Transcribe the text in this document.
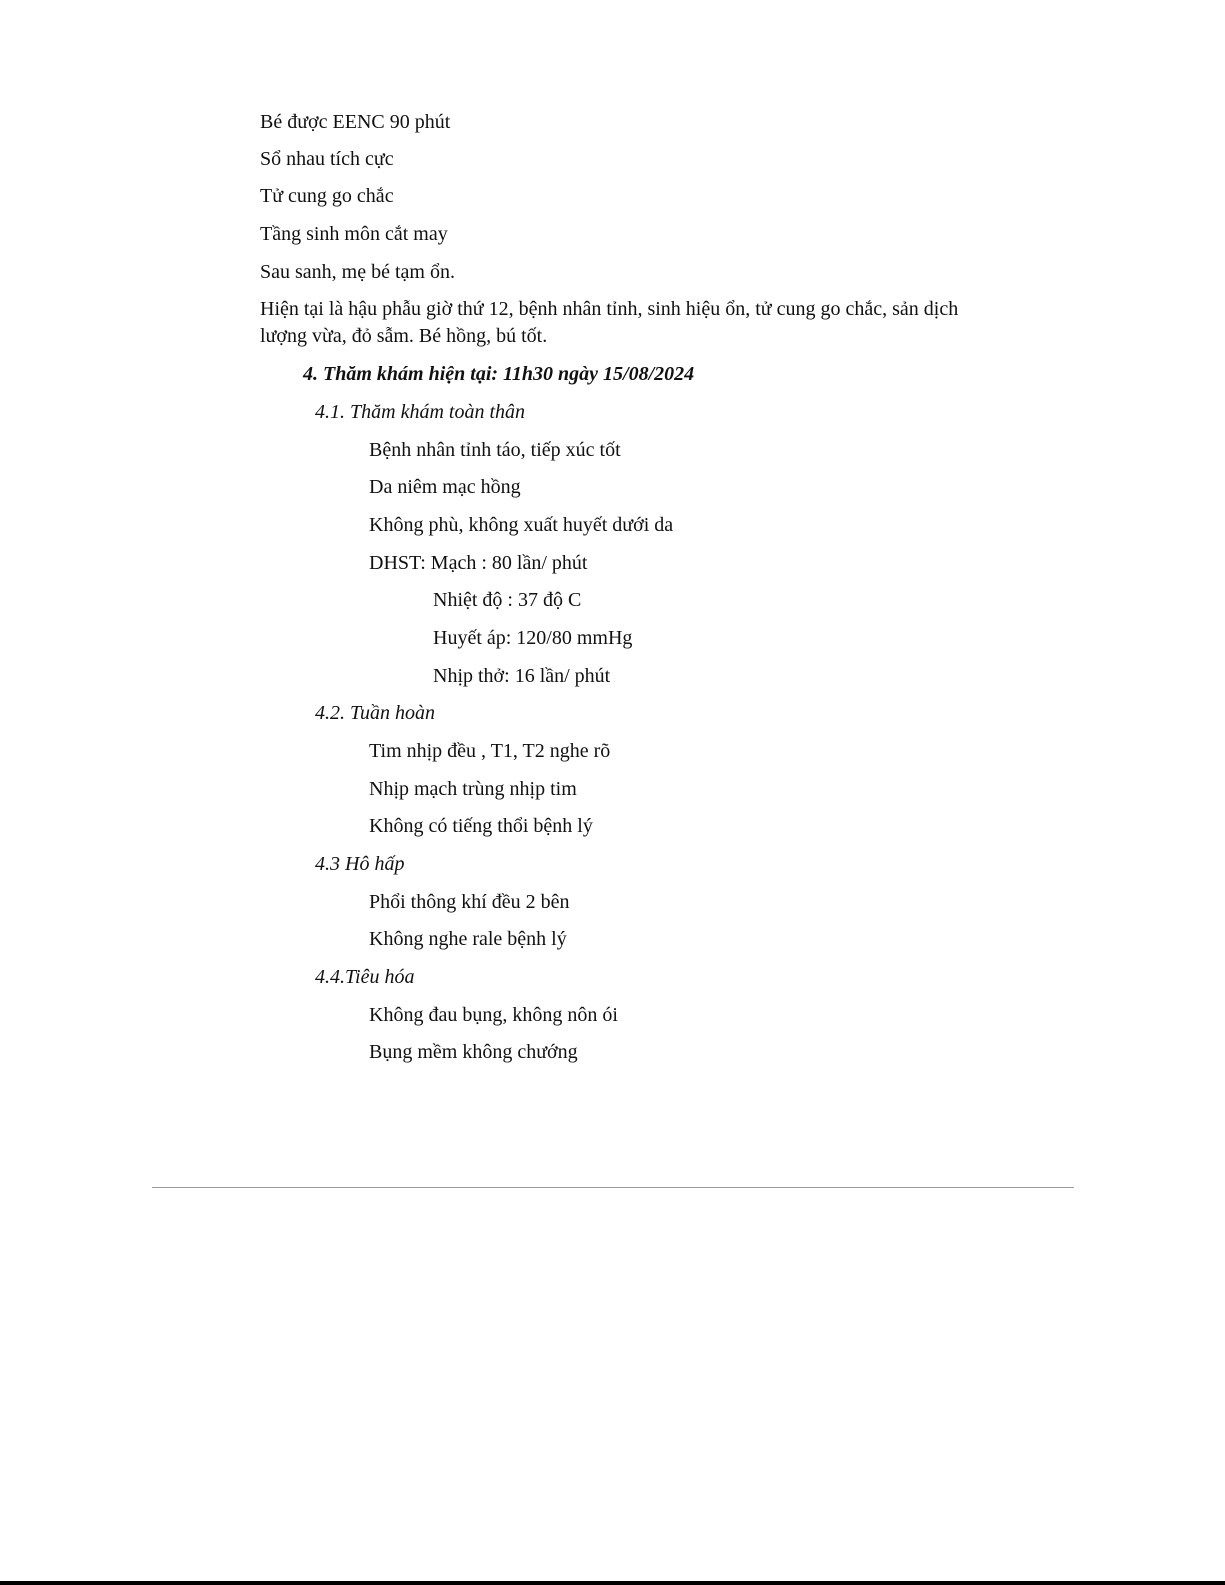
Bé được EENC 90 phút
Sổ nhau tích cực
Tử cung go chắc
Tầng sinh môn cắt may
Sau sanh, mẹ bé tạm ổn.
Hiện tại là hậu phẫu giờ thứ 12, bệnh nhân tỉnh, sinh hiệu ổn, tử cung go chắc, sản dịch lượng vừa, đỏ sẫm. Bé hồng, bú tốt.
4. Thăm khám hiện tại: 11h30 ngày 15/08/2024
4.1. Thăm khám toàn thân
Bệnh nhân tỉnh táo, tiếp xúc tốt
Da niêm mạc hồng
Không phù, không xuất huyết dưới da
DHST: Mạch : 80 lần/ phút
Nhiệt độ : 37 độ C
Huyết áp: 120/80 mmHg
Nhịp thở: 16 lần/ phút
4.2. Tuần hoàn
Tim nhịp đều , T1, T2 nghe rõ
Nhịp mạch trùng nhịp tim
Không có tiếng thổi bệnh lý
4.3 Hô hấp
Phổi thông khí đều 2 bên
Không nghe rale bệnh lý
4.4.Tiêu hóa
Không đau bụng, không nôn ói
Bụng mềm không chướng
